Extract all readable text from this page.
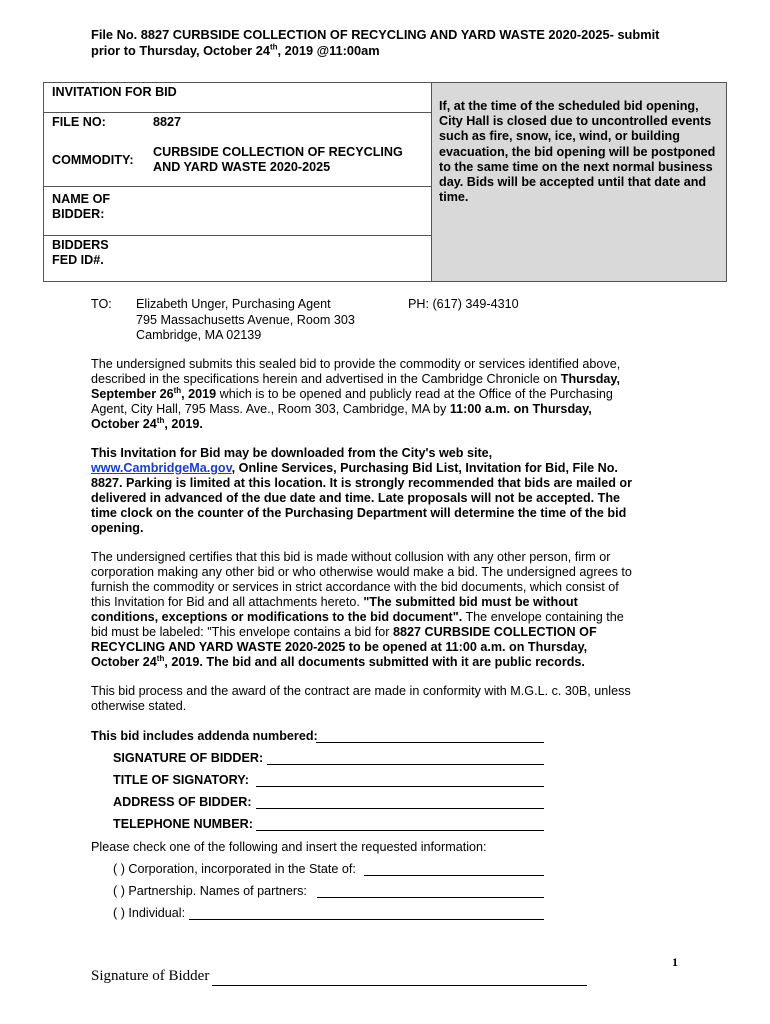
File No. 8827 CURBSIDE COLLECTION OF RECYCLING AND YARD WASTE 2020-2025- submit
prior to Thursday, October 24th, 2019 @11:00am
INVITATION FOR BID
FILE NO:	8827
COMMODITY:
CURBSIDE COLLECTION OF RECYCLING
AND YARD WASTE 2020-2025
NAME OF
BIDDER:
BIDDERS
FED ID#.
If, at the time of the scheduled bid opening, City Hall is closed due to uncontrolled events such as fire, snow, ice, wind, or building evacuation, the bid opening will be postponed to the same time on the next normal business day. Bids will be accepted until that date and time.
TO: Elizabeth Unger, Purchasing Agent
795 Massachusetts Avenue, Room 303
Cambridge, MA 02139
PH: (617) 349-4310
The undersigned submits this sealed bid to provide the commodity or services identified above, described in the specifications herein and advertised in the Cambridge Chronicle on Thursday, September 26th, 2019 which is to be opened and publicly read at the Office of the Purchasing Agent, City Hall, 795 Mass. Ave., Room 303, Cambridge, MA by 11:00 a.m. on Thursday, October 24th, 2019.
This Invitation for Bid may be downloaded from the City's web site,
www.CambridgeMa.gov, Online Services, Purchasing Bid List, Invitation for Bid, File No. 8827. Parking is limited at this location. It is strongly recommended that bids are mailed or delivered in advanced of the due date and time. Late proposals will not be accepted. The time clock on the counter of the Purchasing Department will determine the time of the bid opening.
The undersigned certifies that this bid is made without collusion with any other person, firm or corporation making any other bid or who otherwise would make a bid. The undersigned agrees to furnish the commodity or services in strict accordance with the bid documents, which consist of this Invitation for Bid and all attachments hereto. "The submitted bid must be without conditions, exceptions or modifications to the bid document". The envelope containing the bid must be labeled: "This envelope contains a bid for 8827 CURBSIDE COLLECTION OF RECYCLING AND YARD WASTE 2020-2025 to be opened at 11:00 a.m. on Thursday, October 24th, 2019. The bid and all documents submitted with it are public records.
This bid process and the award of the contract are made in conformity with M.G.L. c. 30B, unless otherwise stated.
This bid includes addenda numbered:
SIGNATURE OF BIDDER:
TITLE OF SIGNATORY:
ADDRESS OF BIDDER:
TELEPHONE NUMBER:
Please check one of the following and insert the requested information:
( ) Corporation, incorporated in the State of:
( ) Partnership. Names of partners:
( ) Individual:
1
Signature of Bidder
